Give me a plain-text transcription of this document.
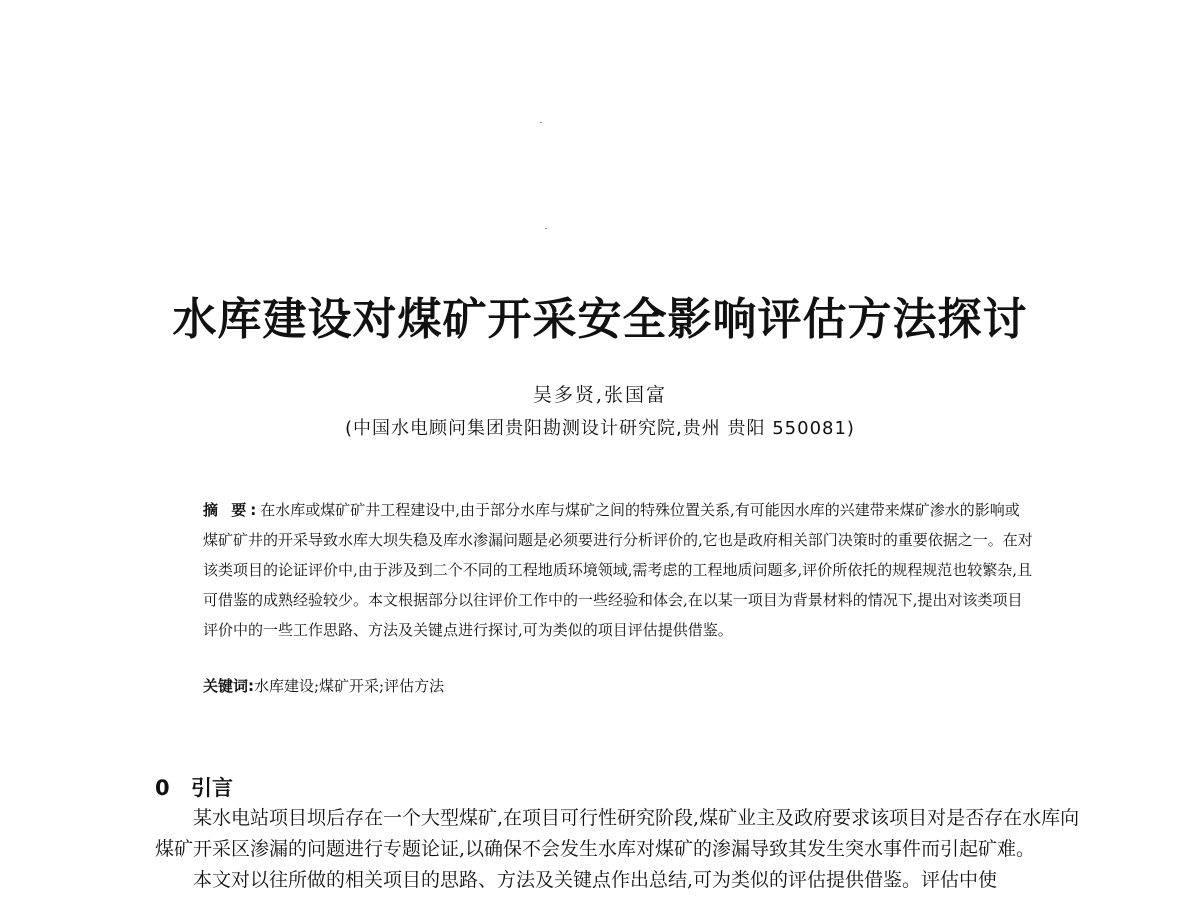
水库建设对煤矿开采安全影响评估方法探讨
吴多贤,张国富
(中国水电顾问集团贵阳勘测设计研究院,贵州 贵阳 550081)

摘 要:在水库或煤矿矿井工程建设中,由于部分水库与煤矿之间的特殊位置关系,有可能因水库的兴建带来煤矿渗水的影响或煤矿矿井的开采导致水库大坝失稳及库水渗漏问题是必须要进行分析评价的,它也是政府相关部门决策时的重要依据之一。在对该类项目的论证评价中,由于涉及到二个不同的工程地质环境领域,需考虑的工程地质问题多,评价所依托的规程规范也较繁杂,且可借鉴的成熟经验较少。本文根据部分以往评价工作中的一些经验和体会,在以某一项目为背景材料的情况下,提出对该类项目评价中的一些工作思路、方法及关键点进行探讨,可为类似的项目评估提供借鉴。

关键词:水库建设;煤矿开采;评估方法
0 引言

某水电站项目坝后存在一个大型煤矿,在项目可行性研究阶段,煤矿业主及政府要求该项目对是否存在水库向煤矿开采区渗漏的问题进行专题论证,以确保不会发生水库对煤矿的渗漏导致其发生突水事件而引起矿难。

本文对以往所做的相关项目的思路、方法及关键点作出总结,可为类似的评估提供借鉴。评估中使
